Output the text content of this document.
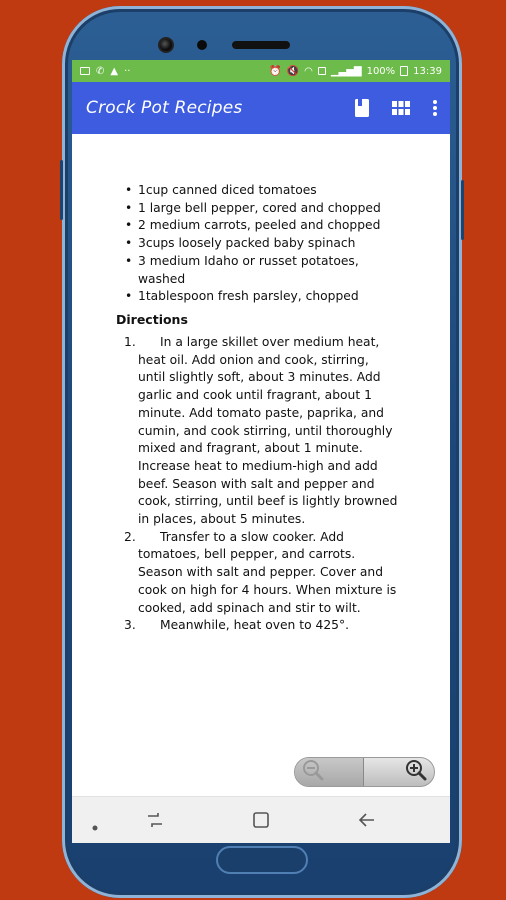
✆ ▲ ··	⏰ 🔇 ◠ ▁▃▅▇ 100% 13:39
Crock Pot Recipes
• 1cup canned diced tomatoes
• 1 large bell pepper, cored and chopped
• 2 medium carrots, peeled and chopped
• 3cups loosely packed baby spinach
• 3 medium Idaho or russet potatoes, washed
• 1tablespoon fresh parsley, chopped
Directions
1. In a large skillet over medium heat, heat oil. Add onion and cook, stirring, until slightly soft, about 3 minutes. Add garlic and cook until fragrant, about 1 minute. Add tomato paste, paprika, and cumin, and cook stirring, until thoroughly mixed and fragrant, about 1 minute. Increase heat to medium-high and add beef. Season with salt and pepper and cook, stirring, until beef is lightly browned in places, about 5 minutes.
2. Transfer to a slow cooker. Add tomatoes, bell pepper, and carrots. Season with salt and pepper. Cover and cook on high for 4 hours. When mixture is cooked, add spinach and stir to wilt.
3. Meanwhile, heat oven to 425°.
